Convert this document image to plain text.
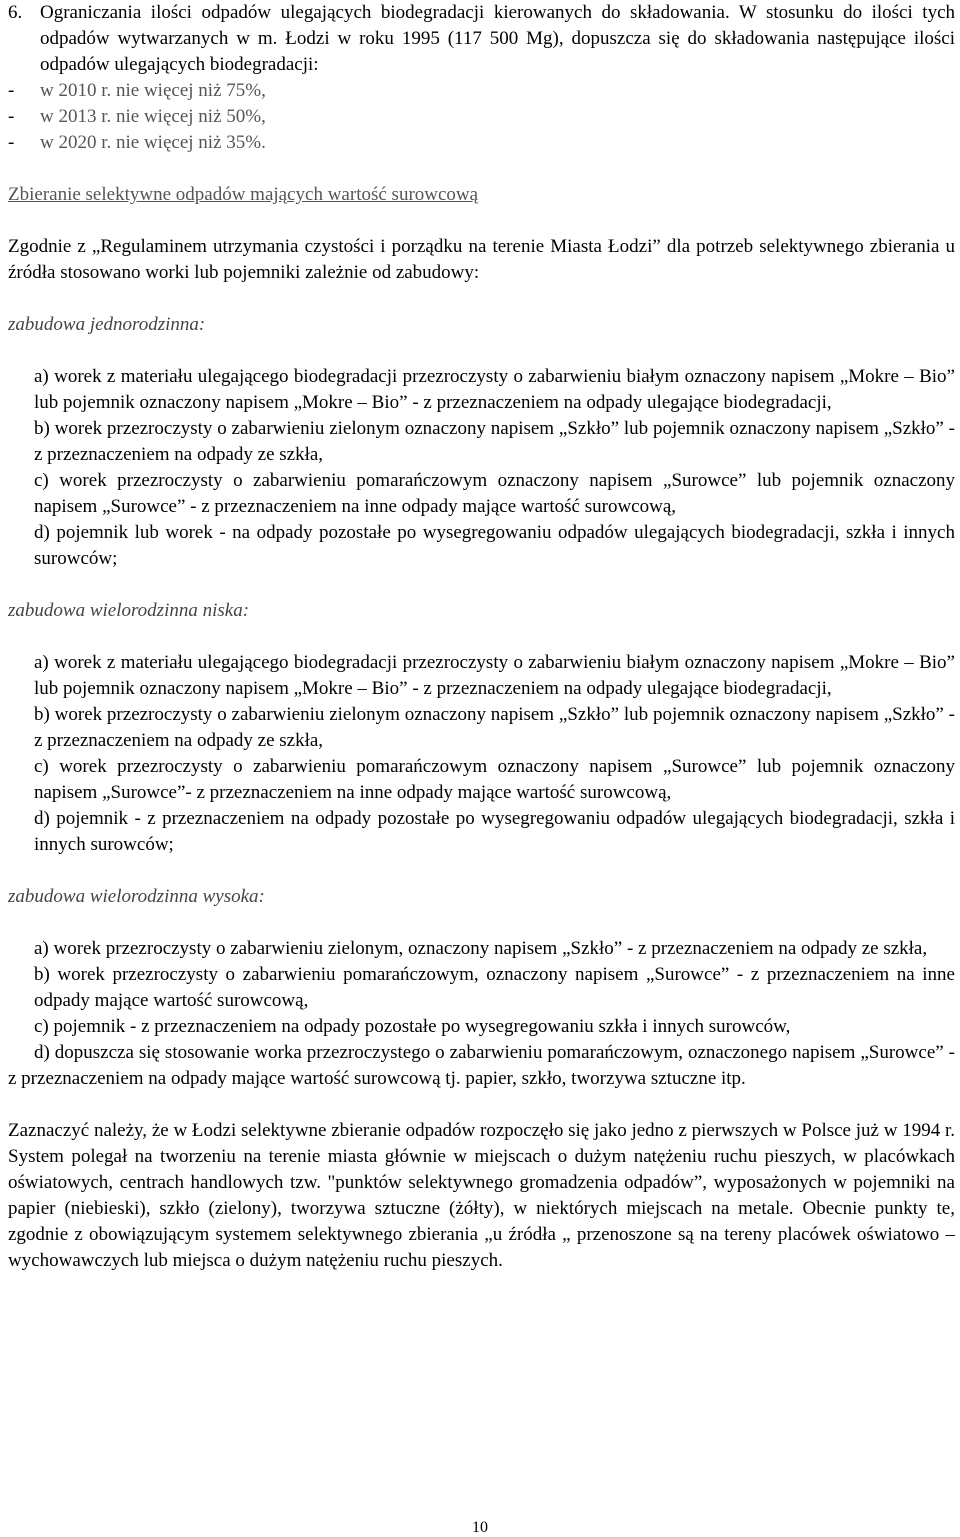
6. Ograniczania ilości odpadów ulegających biodegradacji kierowanych do składowania. W stosunku do ilości tych odpadów wytwarzanych w m. Łodzi w roku 1995 (117 500 Mg), dopuszcza się do składowania następujące ilości odpadów ulegających biodegradacji:

-	w 2010 r. nie więcej niż 75%,
-	w 2013 r. nie więcej niż 50%,
-	w 2020 r. nie więcej niż 35%.

Zbieranie selektywne odpadów mających wartość surowcową

Zgodnie z „Regulaminem utrzymania czystości i porządku na terenie Miasta Łodzi” dla potrzeb selektywnego zbierania u źródła stosowano worki lub pojemniki zależnie od zabudowy:

zabudowa jednorodzinna:

a) worek z materiału ulegającego biodegradacji przezroczysty o zabarwieniu białym oznaczony napisem „Mokre – Bio” lub pojemnik oznaczony napisem „Mokre – Bio” - z przeznaczeniem na odpady ulegające biodegradacji,

b) worek przezroczysty o zabarwieniu zielonym oznaczony napisem „Szkło” lub pojemnik oznaczony napisem „Szkło” - z przeznaczeniem na odpady ze szkła,

c) worek przezroczysty o zabarwieniu pomarańczowym oznaczony napisem „Surowce” lub pojemnik oznaczony napisem „Surowce” - z przeznaczeniem na inne odpady mające wartość surowcową,

d) pojemnik lub worek - na odpady pozostałe po wysegregowaniu odpadów ulegających biodegradacji, szkła i innych surowców;

zabudowa wielorodzinna niska:

a) worek z materiału ulegającego biodegradacji przezroczysty o zabarwieniu białym oznaczony napisem „Mokre – Bio” lub pojemnik oznaczony napisem „Mokre – Bio” - z przeznaczeniem na odpady ulegające biodegradacji,

b) worek przezroczysty o zabarwieniu zielonym oznaczony napisem „Szkło” lub pojemnik oznaczony napisem „Szkło” - z przeznaczeniem na odpady ze szkła,

c) worek przezroczysty o zabarwieniu pomarańczowym oznaczony napisem „Surowce” lub pojemnik oznaczony napisem „Surowce”- z przeznaczeniem na inne odpady mające wartość surowcową,

d) pojemnik - z przeznaczeniem na odpady pozostałe po wysegregowaniu odpadów ulegających biodegradacji, szkła i innych surowców;

zabudowa wielorodzinna wysoka:

a) worek przezroczysty o zabarwieniu zielonym, oznaczony napisem „Szkło” - z przeznaczeniem na odpady ze szkła,

b) worek przezroczysty o zabarwieniu pomarańczowym, oznaczony napisem „Surowce” - z przeznaczeniem na inne odpady mające wartość surowcową,

c) pojemnik - z przeznaczeniem na odpady pozostałe po wysegregowaniu szkła i innych surowców,

d) dopuszcza się stosowanie worka przezroczystego o zabarwieniu pomarańczowym, oznaczonego napisem „Surowce” - z przeznaczeniem na odpady mające wartość surowcową tj. papier, szkło, tworzywa sztuczne itp.

Zaznaczyć należy, że w Łodzi selektywne zbieranie odpadów rozpoczęło się jako jedno z pierwszych w Polsce już w 1994 r. System polegał na tworzeniu na terenie miasta głównie w miejscach o dużym natężeniu ruchu pieszych, w placówkach oświatowych, centrach handlowych tzw. "punktów selektywnego gromadzenia odpadów”, wyposażonych w pojemniki na papier (niebieski), szkło (zielony), tworzywa sztuczne (żółty), w niektórych miejscach na metale. Obecnie punkty te, zgodnie z obowiązującym systemem selektywnego zbierania „u źródła „ przenoszone są na tereny placówek oświatowo – wychowawczych lub miejsca o dużym natężeniu ruchu pieszych.

10
